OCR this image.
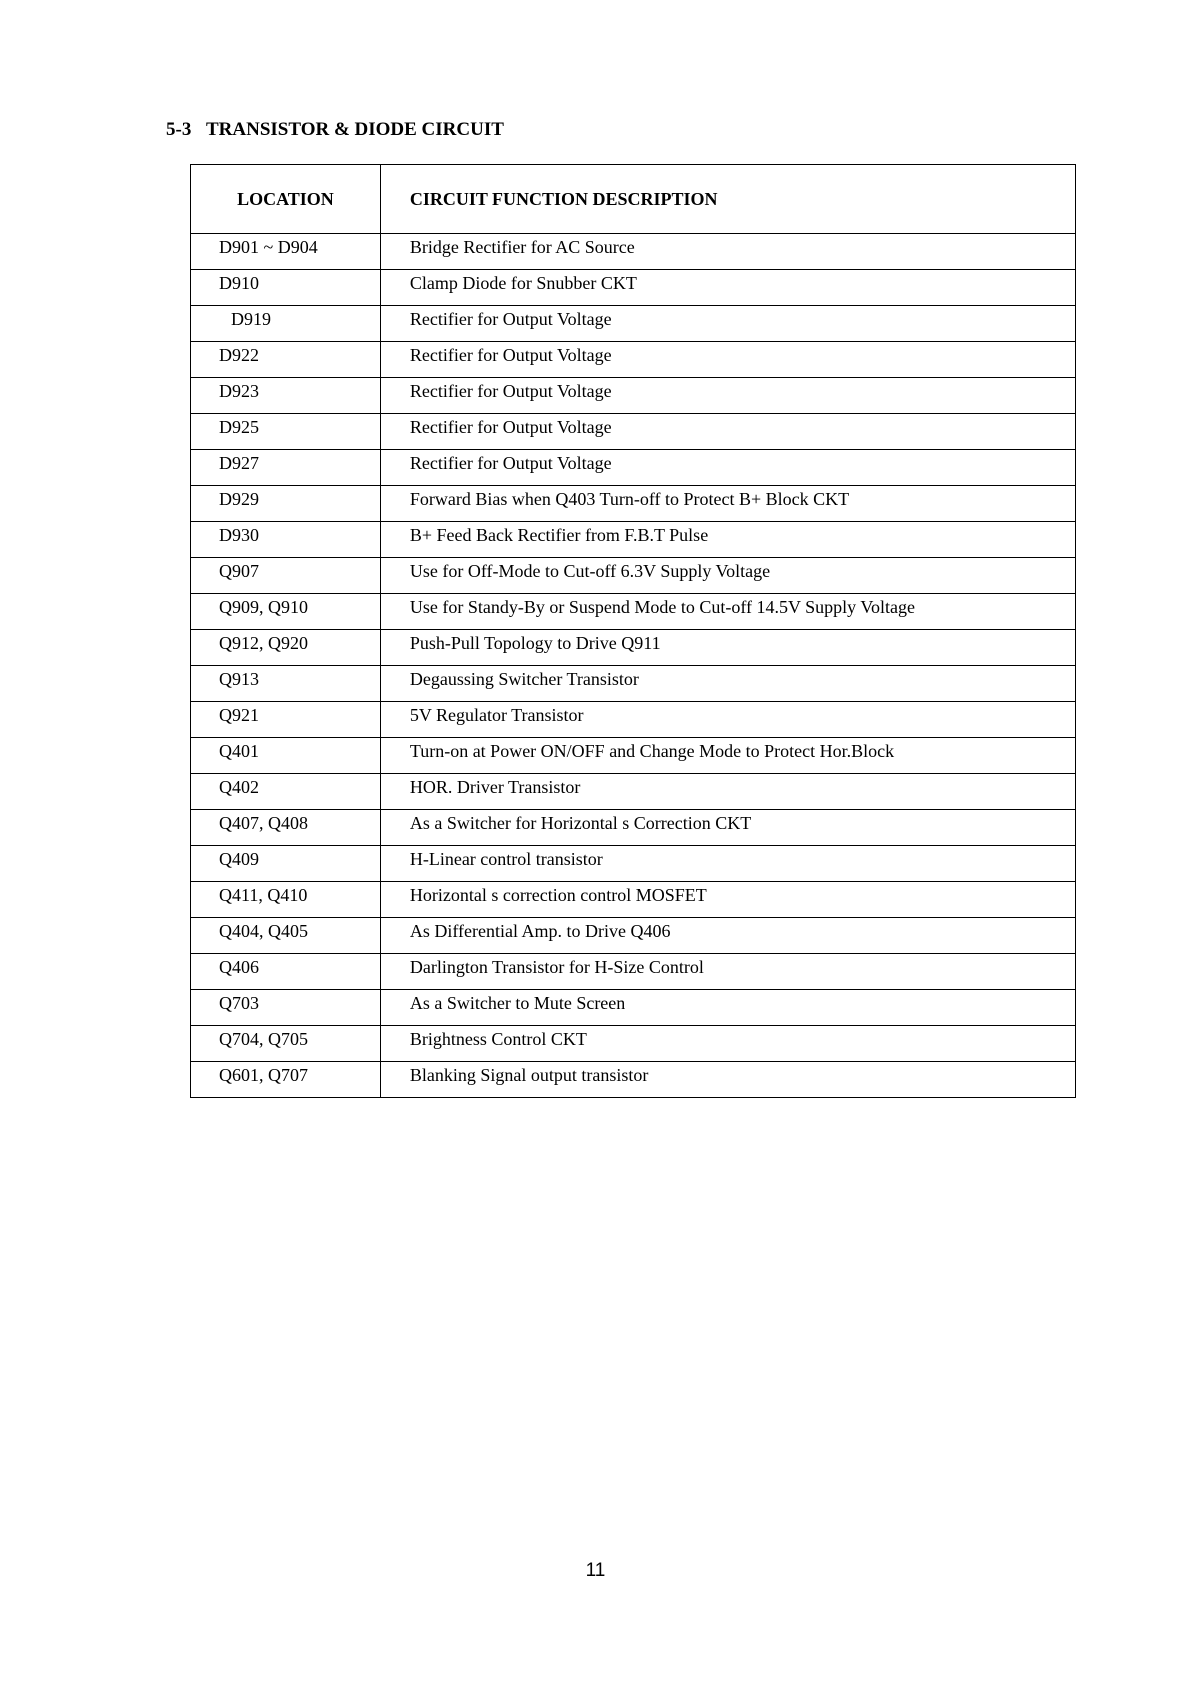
5-3 TRANSISTOR & DIODE CIRCUIT
LOCATION	CIRCUIT FUNCTION DESCRIPTION
D901 ~ D904	Bridge Rectifier for AC Source
D910	Clamp Diode for Snubber CKT
D919	Rectifier for Output Voltage
D922	Rectifier for Output Voltage
D923	Rectifier for Output Voltage
D925	Rectifier for Output Voltage
D927	Rectifier for Output Voltage
D929	Forward Bias when Q403 Turn-off to Protect B+ Block CKT
D930	B+ Feed Back Rectifier from F.B.T Pulse
Q907	Use for Off-Mode to Cut-off 6.3V Supply Voltage
Q909, Q910	Use for Standy-By or Suspend Mode to Cut-off 14.5V Supply Voltage
Q912, Q920	Push-Pull Topology to Drive Q911
Q913	Degaussing Switcher Transistor
Q921	5V Regulator Transistor
Q401	Turn-on at Power ON/OFF and Change Mode to Protect Hor.Block
Q402	HOR. Driver Transistor
Q407, Q408	As a Switcher for Horizontal s Correction CKT
Q409	H-Linear control transistor
Q411, Q410	Horizontal s correction control MOSFET
Q404, Q405	As Differential Amp. to Drive Q406
Q406	Darlington Transistor for H-Size Control
Q703	As a Switcher to Mute Screen
Q704, Q705	Brightness Control CKT
Q601, Q707	Blanking Signal output transistor
11
